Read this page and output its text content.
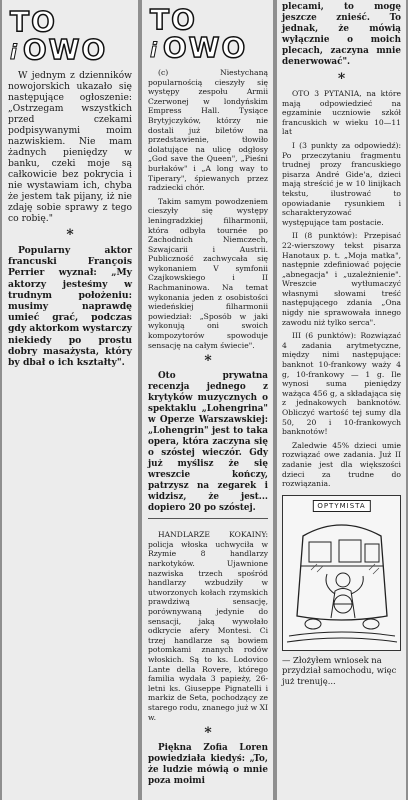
TO
i OWO

W jednym z dzienników nowojorskich ukazało się następujące ogłoszenie: „Ostrzegam wszystkich przed czekami podpisywanymi moim nazwiskiem. Nie mam żadnych pieniędzy w banku, czeki moje są całkowicie bez pokrycia i nie wystawiam ich, chyba że jestem tak pijany, iż nie zdaję sobie sprawy z tego co robię."

*

Popularny aktor francuski François Perrier wyznał: „My aktorzy jesteśmy w trudnym położeniu: musimy naprawdę umieć grać, podczas gdy aktorkom wystarczy niekiedy po prostu dobry masażysta, który by dbał o ich kształty".

TO
i OWO

(c) Niestychaną popularnością cieszyły się występy zespołu Armii Czerwonej w londyńskim Empress Hall. Tysiące Brytyjczyków, którzy nie dostali już biletów na przedstawienie, tłowiło dolatujące na ulicę odgłosy „God save the Queen", „Pieśni burłaków" i „A long way to Tiperary", śpiewanych przez radziecki chór.

Takim samym powodzeniem cieszyły się występy leningradzkiej filharmonii, która odbyła tournée po Zachodnich Niemczech, Szwajcarii i Austrii. Publiczność zachwycała się wykonaniem V symfonii Czajkowskiego i II Rachmaninowa. Na temat wykonania jeden z osobistości wiedeńskiej filharmonii powiedział: „Sposób w jaki wykonują oni swoich kompozytorów spowoduje sensację na całym świecie".

*

Oto prywatna recenzja jednego z krytyków muzycznych o spektaklu „Lohengrina" w Operze Warszawskiej: „Lohengrin" jest to taka opera, która zaczyna się o szóstej wieczór. Gdy już myślisz że się wreszcie kończy, patrzysz na zegarek i widzisz, że jest... dopiero 20 po szóstej.

HANDLARZE KOKAINY: policja włoska uchwyciła w Rzymie 8 handlarzy narkotyków. Ujawnione nazwiska trzech spośród handlarzy wzbudziły w utworzonych kołach rzymskich prawdziwą sensację, porównywaną jedynie do sensacji, jaką wywołało odkrycie afery Montesi. Ci trzej handlarze są bowiem potomkami znanych rodów włoskich. Są to ks. Lodovico Lante della Rovere, którego familia wydała 3 papieży, 26-letni ks. Giuseppe Pignatelli i markiz de Seta, pochodzący ze starego rodu, znanego już w XI w.

*

Piękna Zofia Loren powiedziała kiedyś: „To, że ludzie mówią o mnie poza moimi

plecami, to mogę jeszcze znieść. To jednak, że mówią wyłącznie o moich plecach, zaczyna mnie denerwować".

*

OTO 3 PYTANIA, na które mają odpowiedzieć na egzaminie uczniowie szkół francuskich w wieku 10—11 lat

I (3 punkty za odpowiedź): Po przeczytaniu fragmentu trudnej prozy francuskiego pisarza André Gide'a, dzieci mają streścić je w 10 linijkach tekstu, ilustrować to opowiadanie rysunkiem i scharakteryzować występujące tam postacie.

II (8 punktów): Przepisać 22-wierszowy tekst pisarza Hanotaux p. t. „Moja matka", następnie zdefiniować pojęcie „abnegacja" i „uzależnienie". Wreszcie wytłumaczyć własnymi słowami treść następującego zdania „Ona nigdy nie sprawowała innego zawodu niż tylko serca".

III (6 punktów): Rozwiązać 4 zadania arytmetyczne, między nimi następujące: banknot 10-frankowy waży 4 g, 10-frankowy — 1 g. Ile wynosi suma pieniędzy ważąca 456 g, a składająca się z jednakowych banknotów. Obliczyć wartość tej sumy dla 50, 20 i 10-frankowych banknotów!

Zaledwie 45% dzieci umie rozwiązać owe zadania. Już II zadanie jest dla większości dzieci za trudne do rozwiązania.

OPTYMISTA

— Złożyłem wniosek na przydział samochodu, więc już trenuję...
